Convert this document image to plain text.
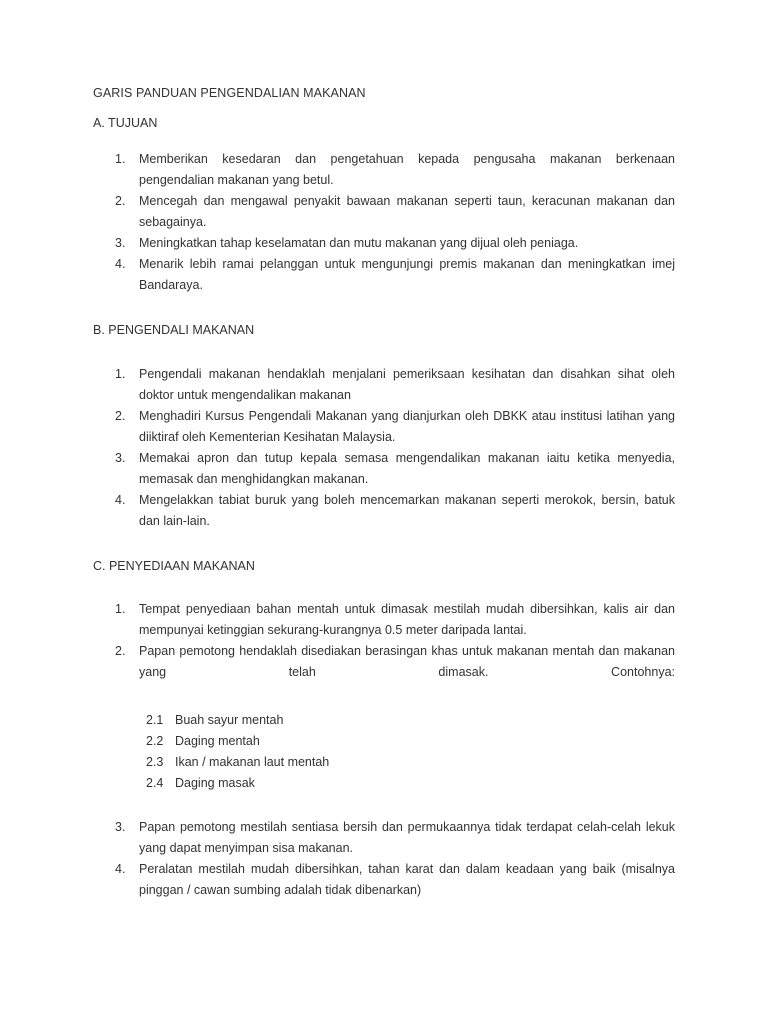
GARIS PANDUAN PENGENDALIAN MAKANAN
A. TUJUAN
1. Memberikan kesedaran dan pengetahuan kepada pengusaha makanan berkenaan pengendalian makanan yang betul.
2. Mencegah dan mengawal penyakit bawaan makanan seperti taun, keracunan makanan dan sebagainya.
3. Meningkatkan tahap keselamatan dan mutu makanan yang dijual oleh peniaga.
4. Menarik lebih ramai pelanggan untuk mengunjungi premis makanan dan meningkatkan imej Bandaraya.
B. PENGENDALI MAKANAN
1. Pengendali makanan hendaklah menjalani pemeriksaan kesihatan dan disahkan sihat oleh doktor untuk mengendalikan makanan
2. Menghadiri Kursus Pengendali Makanan yang dianjurkan oleh DBKK atau institusi latihan yang diiktiraf oleh Kementerian Kesihatan Malaysia.
3. Memakai apron dan tutup kepala semasa mengendalikan makanan iaitu ketika menyedia, memasak dan menghidangkan makanan.
4. Mengelakkan tabiat buruk yang boleh mencemarkan makanan seperti merokok, bersin, batuk dan lain-lain.
C. PENYEDIAAN MAKANAN
1. Tempat penyediaan bahan mentah untuk dimasak mestilah mudah dibersihkan, kalis air dan mempunyai ketinggian sekurang-kurangnya 0.5 meter daripada lantai.
2. Papan pemotong hendaklah disediakan berasingan khas untuk makanan mentah dan makanan yang telah dimasak. Contohnya:
2.1 Buah sayur mentah
2.2 Daging mentah
2.3 Ikan / makanan laut mentah
2.4 Daging masak
3. Papan pemotong mestilah sentiasa bersih dan permukaannya tidak terdapat celah-celah lekuk yang dapat menyimpan sisa makanan.
4. Peralatan mestilah mudah dibersihkan, tahan karat dan dalam keadaan yang baik (misalnya pinggan / cawan sumbing adalah tidak dibenarkan)
